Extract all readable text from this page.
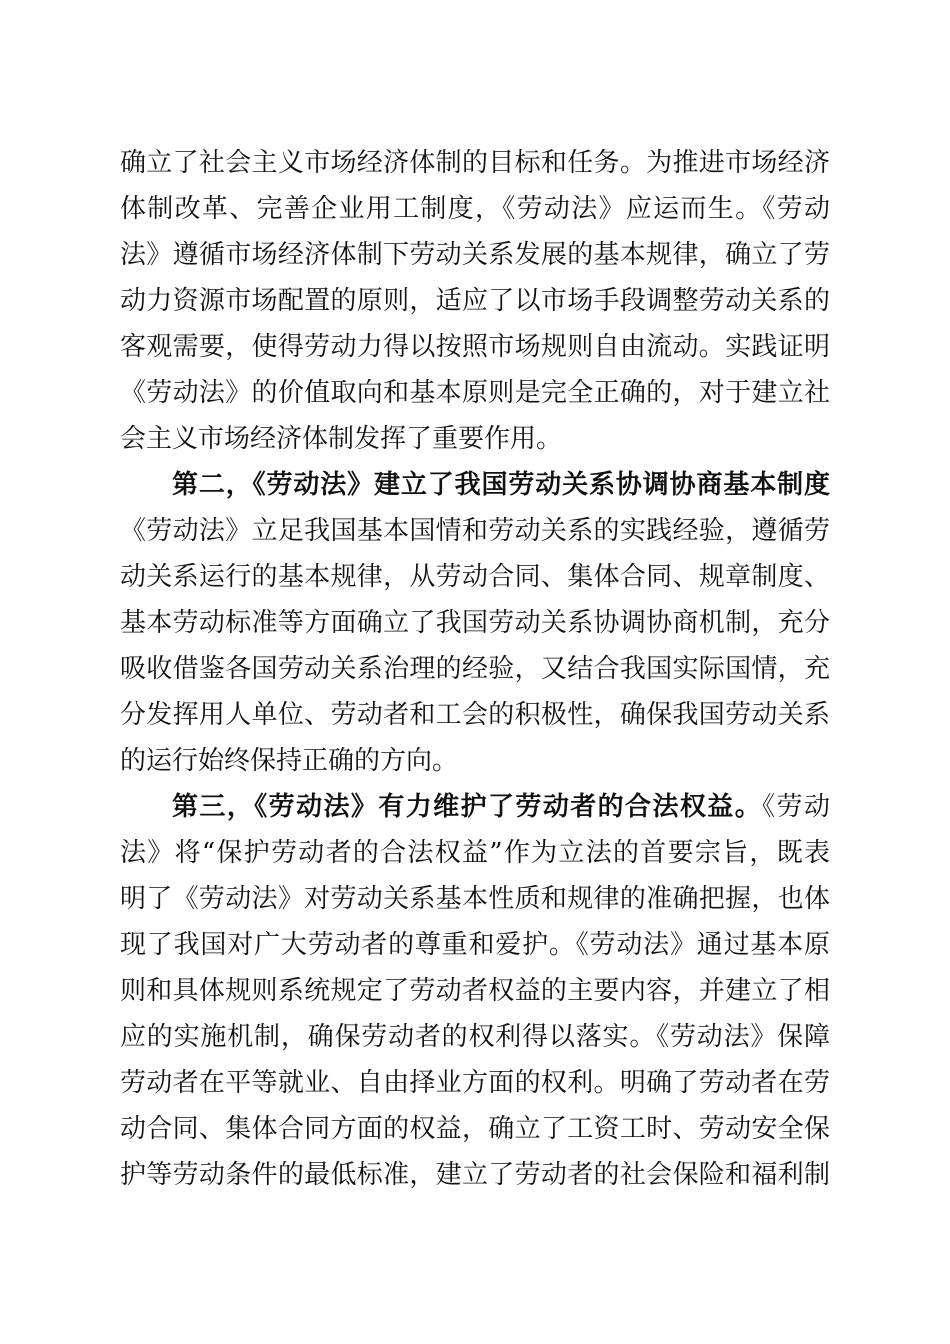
确立了社会主义市场经济体制的目标和任务。为推进市场经济
体制改革、完善企业用工制度，《劳动法》应运而生。《劳动
法》遵循市场经济体制下劳动关系发展的基本规律，确立了劳
动力资源市场配置的原则，适应了以市场手段调整劳动关系的
客观需要，使得劳动力得以按照市场规则自由流动。实践证明
《劳动法》的价值取向和基本原则是完全正确的，对于建立社
会主义市场经济体制发挥了重要作用。
第二，《劳动法》建立了我国劳动关系协调协商基本制度
《劳动法》立足我国基本国情和劳动关系的实践经验，遵循劳
动关系运行的基本规律，从劳动合同、集体合同、规章制度、
基本劳动标准等方面确立了我国劳动关系协调协商机制，充分
吸收借鉴各国劳动关系治理的经验，又结合我国实际国情，充
分发挥用人单位、劳动者和工会的积极性，确保我国劳动关系
的运行始终保持正确的方向。
第三，《劳动法》有力维护了劳动者的合法权益。《劳动
法》将“保护劳动者的合法权益”作为立法的首要宗旨，既表
明了《劳动法》对劳动关系基本性质和规律的准确把握，也体
现了我国对广大劳动者的尊重和爱护。《劳动法》通过基本原
则和具体规则系统规定了劳动者权益的主要内容，并建立了相
应的实施机制，确保劳动者的权利得以落实。《劳动法》保障
劳动者在平等就业、自由择业方面的权利。明确了劳动者在劳
动合同、集体合同方面的权益，确立了工资工时、劳动安全保
护等劳动条件的最低标准，建立了劳动者的社会保险和福利制
